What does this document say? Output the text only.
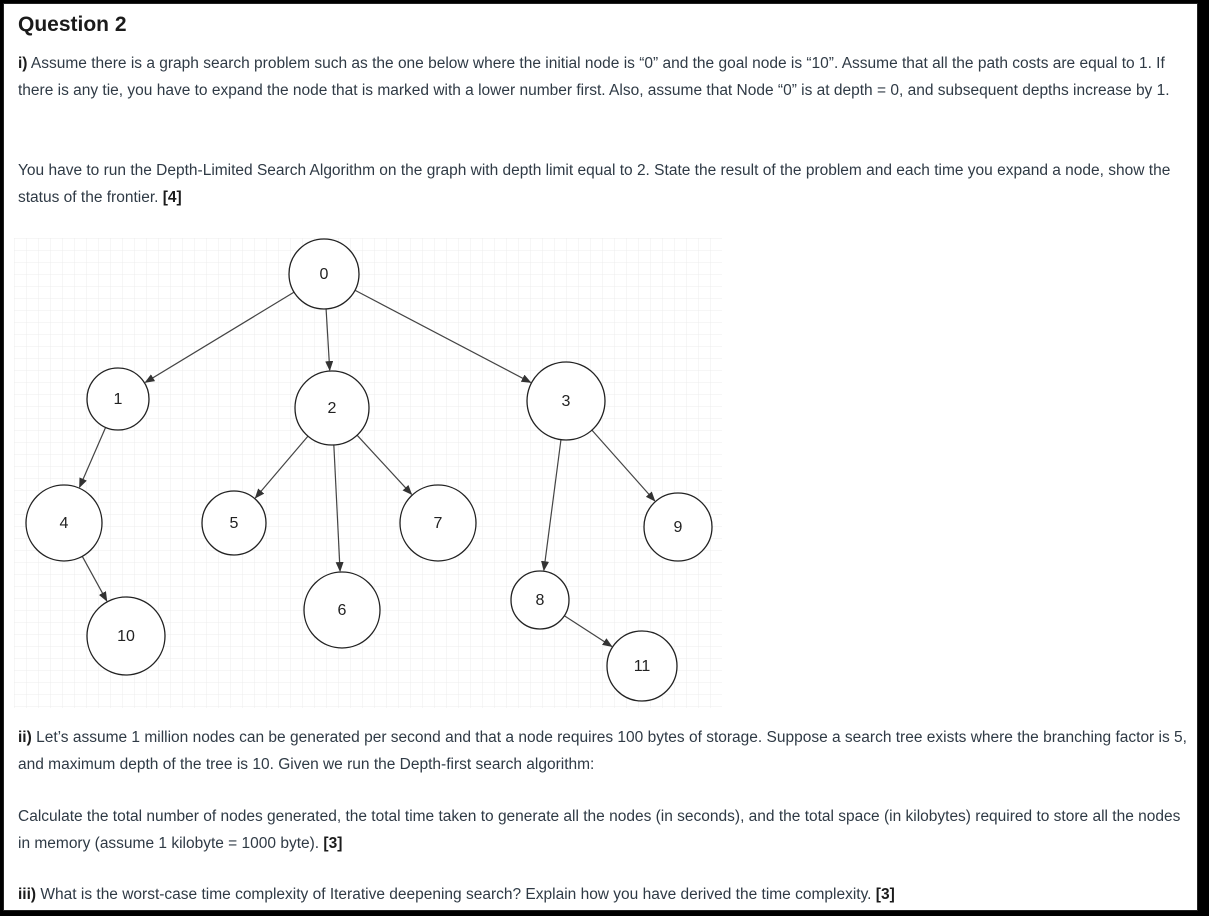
Question 2
i) Assume there is a graph search problem such as the one below where the initial node is “0” and the goal node is “10”. Assume that all the path costs are equal to 1. If there is any tie, you have to expand the node that is marked with a lower number first. Also, assume that Node “0” is at depth = 0, and subsequent depths increase by 1.
You have to run the Depth-Limited Search Algorithm on the graph with depth limit equal to 2. State the result of the problem and each time you expand a node, show the status of the frontier. [4]
0
1
2	3
4	5
6
7
8
9
10
11
ii) Let’s assume 1 million nodes can be generated per second and that a node requires 100 bytes of storage. Suppose a search tree exists where the branching factor is 5, and maximum depth of the tree is 10. Given we run the Depth-first search algorithm:
Calculate the total number of nodes generated, the total time taken to generate all the nodes (in seconds), and the total space (in kilobytes) required to store all the nodes in memory (assume 1 kilobyte = 1000 byte). [3]
iii) What is the worst-case time complexity of Iterative deepening search? Explain how you have derived the time complexity. [3]
